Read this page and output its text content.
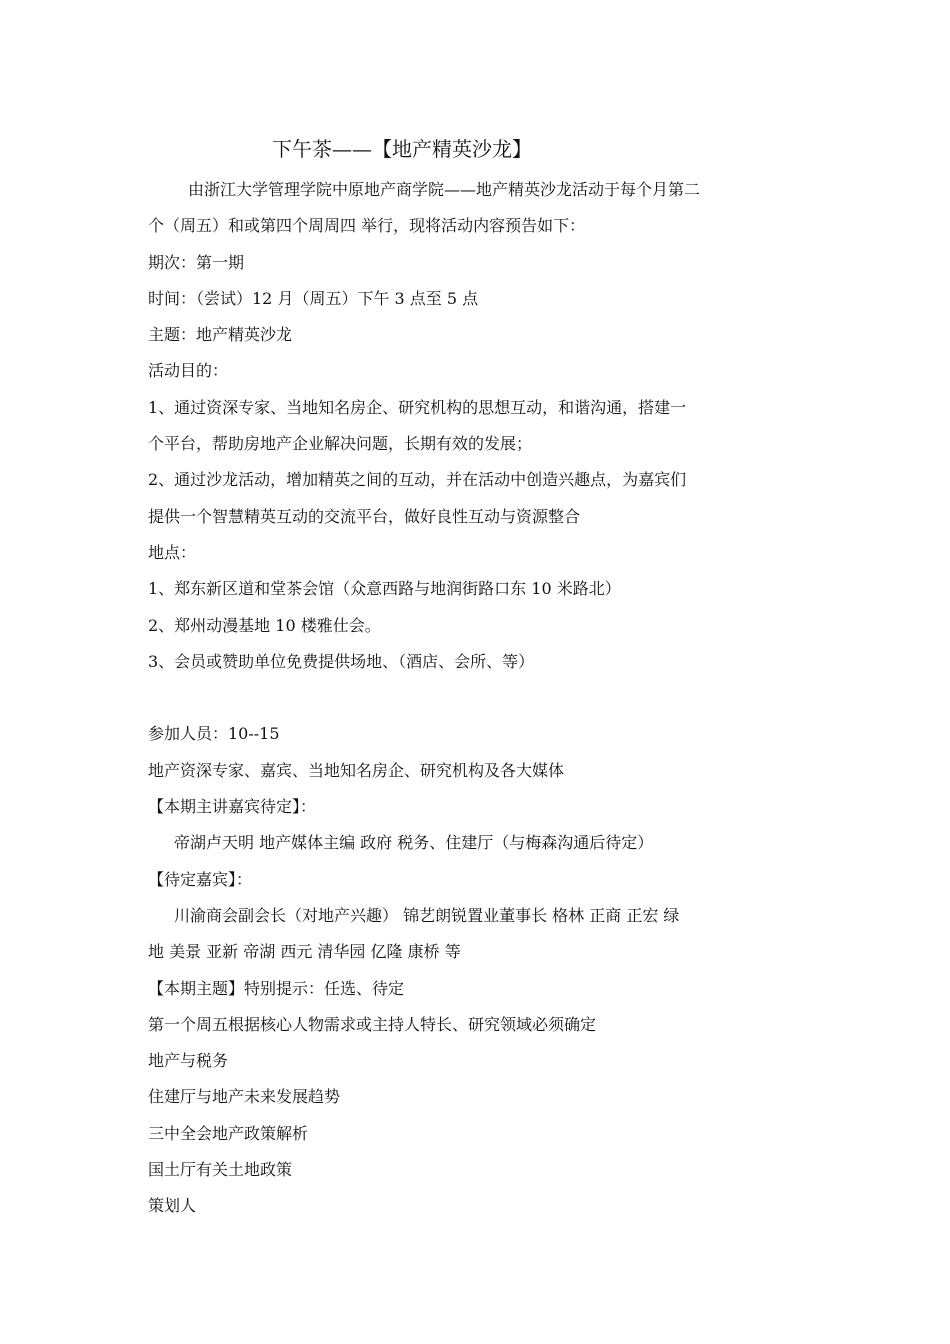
下午茶——【地产精英沙龙】
由浙江大学管理学院中原地产商学院——地产精英沙龙活动于每个月第二
个（周五）和或第四个周周四 举行，现将活动内容预告如下：
期次：第一期
时间：（尝试）12 月（周五）下午 3 点至 5 点
主题：地产精英沙龙
活动目的：
1、通过资深专家、当地知名房企、研究机构的思想互动，和谐沟通，搭建一
个平台，帮助房地产企业解决问题，长期有效的发展；
2、通过沙龙活动，增加精英之间的互动，并在活动中创造兴趣点，为嘉宾们
提供一个智慧精英互动的交流平台，做好良性互动与资源整合
地点：
1、郑东新区道和堂茶会馆（众意西路与地润街路口东 10 米路北）
2、郑州动漫基地 10 楼雅仕会。
3、会员或赞助单位免费提供场地、（酒店、会所、等）
参加人员：10--15
地产资深专家、嘉宾、当地知名房企、研究机构及各大媒体
【本期主讲嘉宾待定】：
帝湖卢天明 地产媒体主编 政府 税务、住建厅（与梅森沟通后待定）
【待定嘉宾】：
川渝商会副会长（对地产兴趣） 锦艺朗锐置业董事长 格林 正商 正宏 绿
地 美景 亚新 帝湖 西元 清华园 亿隆 康桥 等
【本期主题】特别提示：任选、待定
第一个周五根据核心人物需求或主持人特长、研究领域必须确定
地产与税务
住建厅与地产未来发展趋势
三中全会地产政策解析
国土厅有关土地政策
策划人
